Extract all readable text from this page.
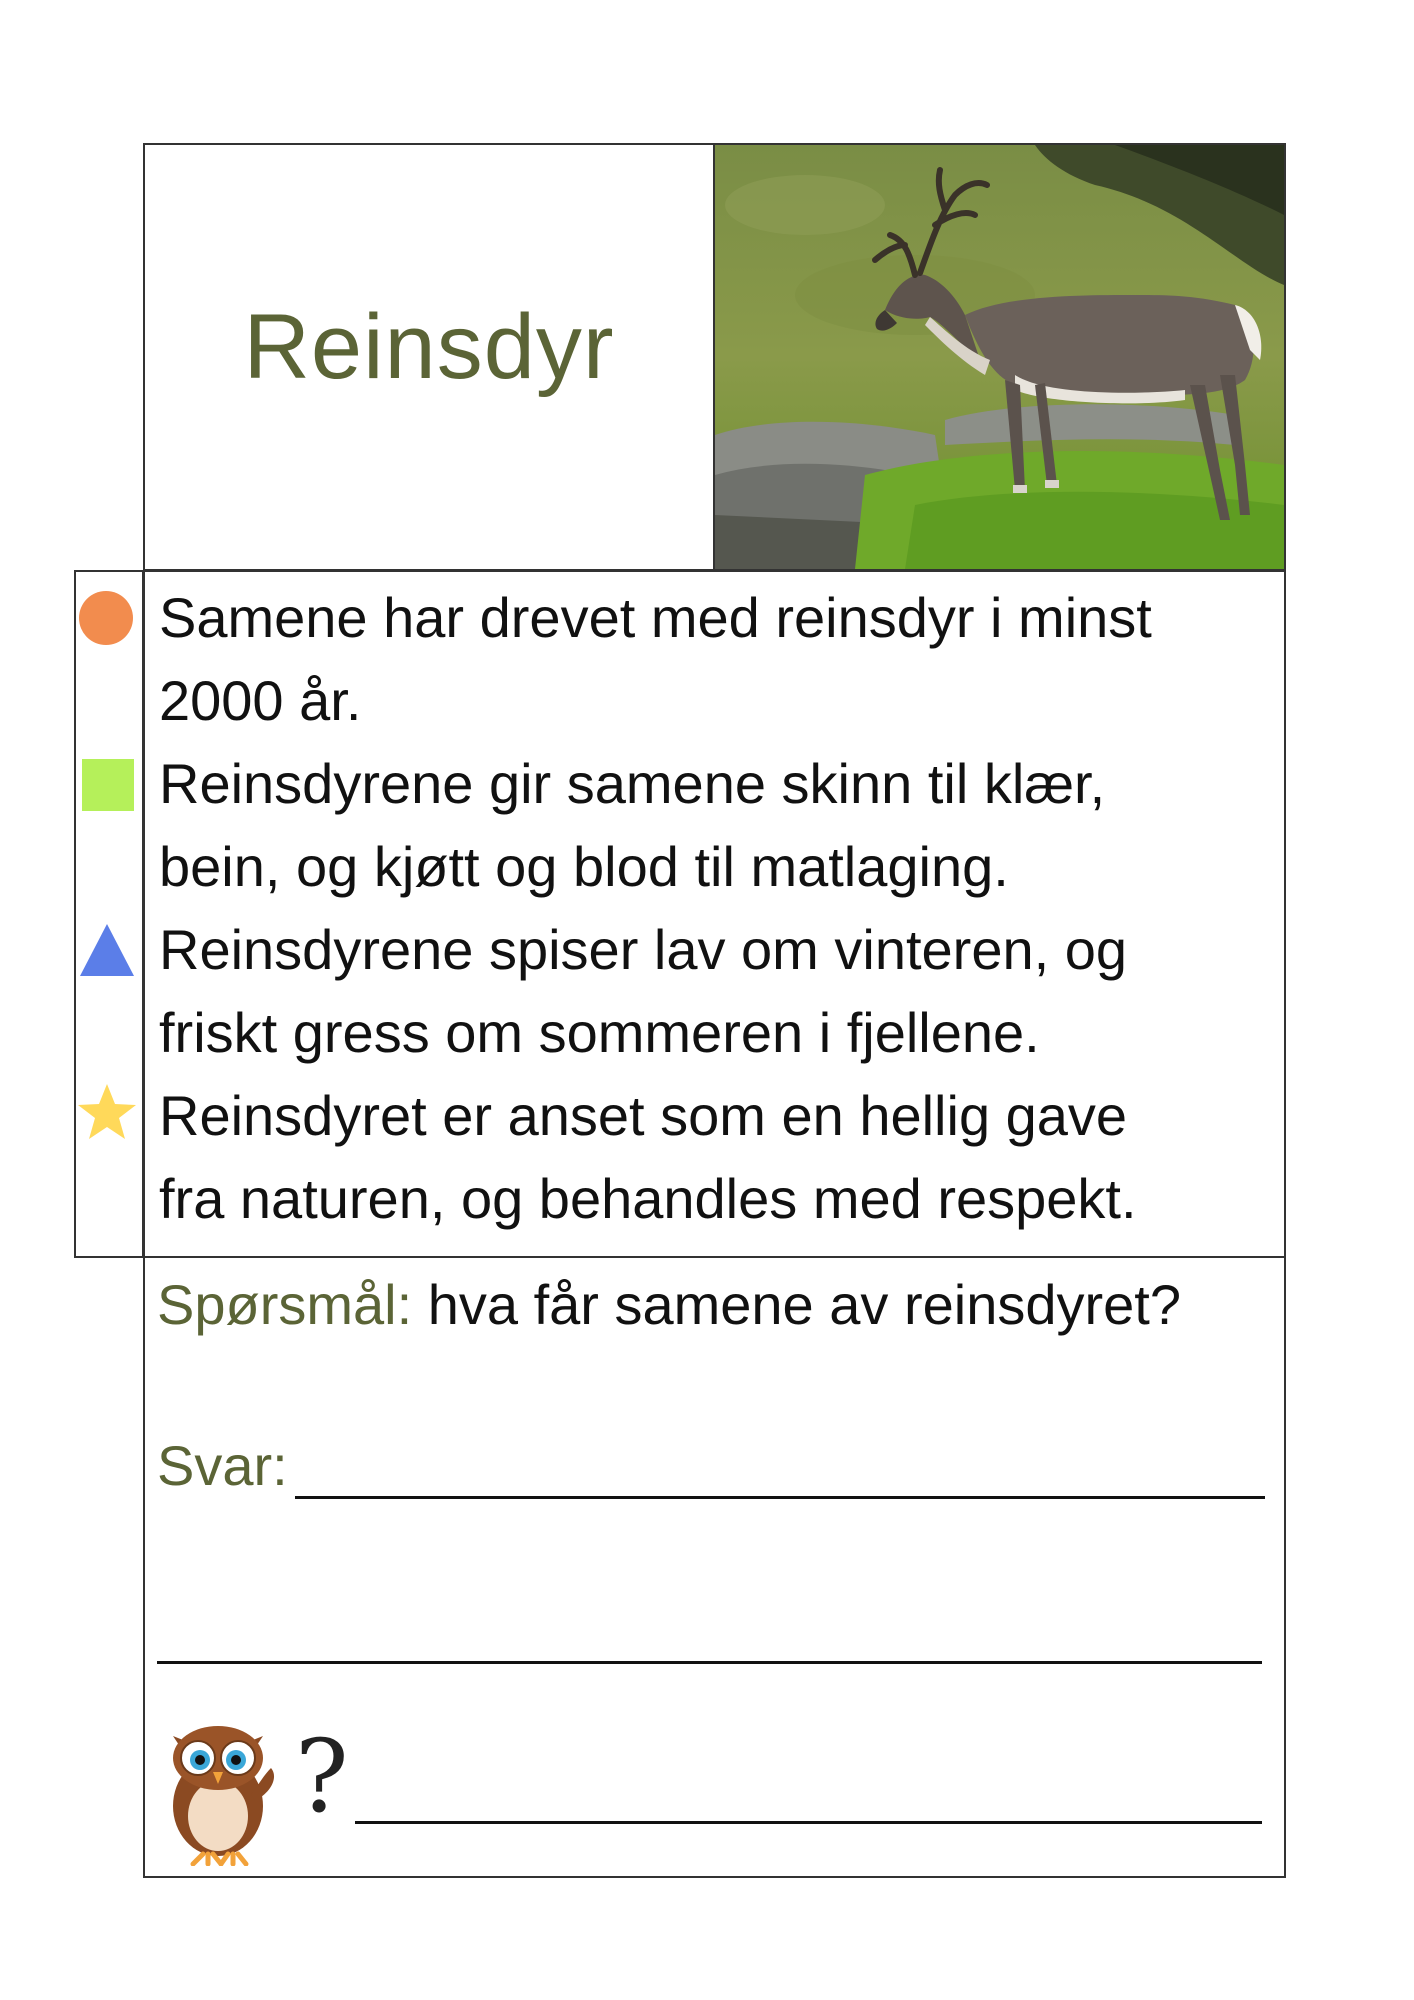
Reinsdyr
Samene har drevet med reinsdyr i minst
2000 år.
Reinsdyrene gir samene skinn til klær,
bein, og kjøtt og blod til matlaging.
Reinsdyrene spiser lav om vinteren, og
friskt gress om sommeren i fjellene.
Reinsdyret er anset som en hellig gave
fra naturen, og behandles med respekt.
Spørsmål: hva får samene av reinsdyret?
Svar:
?
